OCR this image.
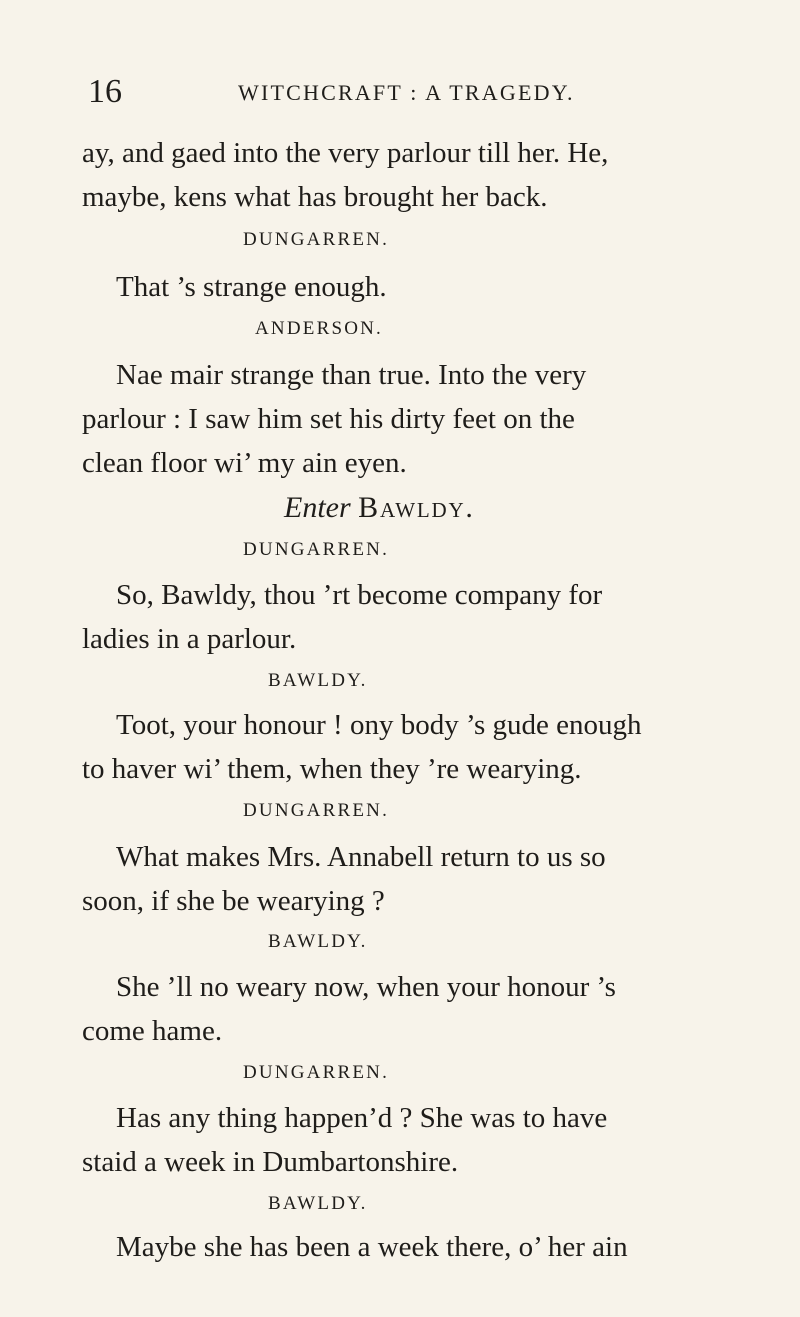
16	WITCHCRAFT : A TRAGEDY.
ay, and gaed into the very parlour till her. He,
maybe, kens what has brought her back.
DUNGARREN.
That ’s strange enough.
ANDERSON.
Nae mair strange than true. Into the very
parlour : I saw him set his dirty feet on the
clean floor wi’ my ain eyen.
Enter Bawldy.
DUNGARREN.
So, Bawldy, thou ’rt become company for
ladies in a parlour.
BAWLDY.
Toot, your honour ! ony body ’s gude enough
to haver wi’ them, when they ’re wearying.
DUNGARREN.
What makes Mrs. Annabell return to us so
soon, if she be wearying ?
BAWLDY.
She ’ll no weary now, when your honour ’s
come hame.
DUNGARREN.
Has any thing happen’d ? She was to have
staid a week in Dumbartonshire.
BAWLDY.
Maybe she has been a week there, o’ her ain
